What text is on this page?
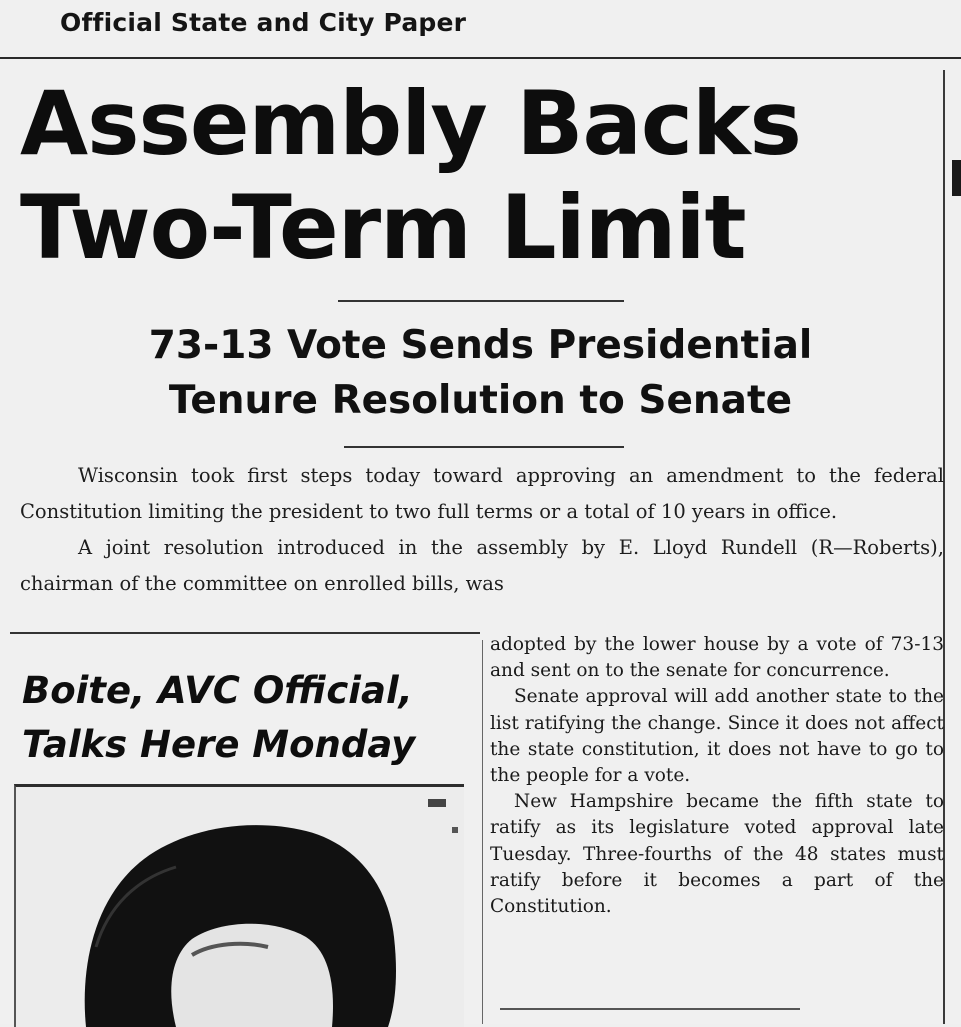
Official State and City Paper
Assembly Backs
Two-Term Limit
73-13 Vote Sends Presidential
Tenure Resolution to Senate

Wisconsin took first steps today toward approving an amendment to the federal Constitution limiting the president to two full terms or a total of 10 years in office.

A joint resolution introduced in the assembly by E. Lloyd Rundell (R—Roberts), chairman of the committee on enrolled bills, was

Boite, AVC Official,
Talks Here Monday

adopted by the lower house by a vote of 73-13 and sent on to the senate for concurrence.

Senate approval will add another state to the list ratifying the change. Since it does not affect the state constitution, it does not have to go to the people for a vote.

New Hampshire became the fifth state to ratify as its legislature voted approval late Tuesday. Three-fourths of the 48 states must ratify before it becomes a part of the Constitution.
